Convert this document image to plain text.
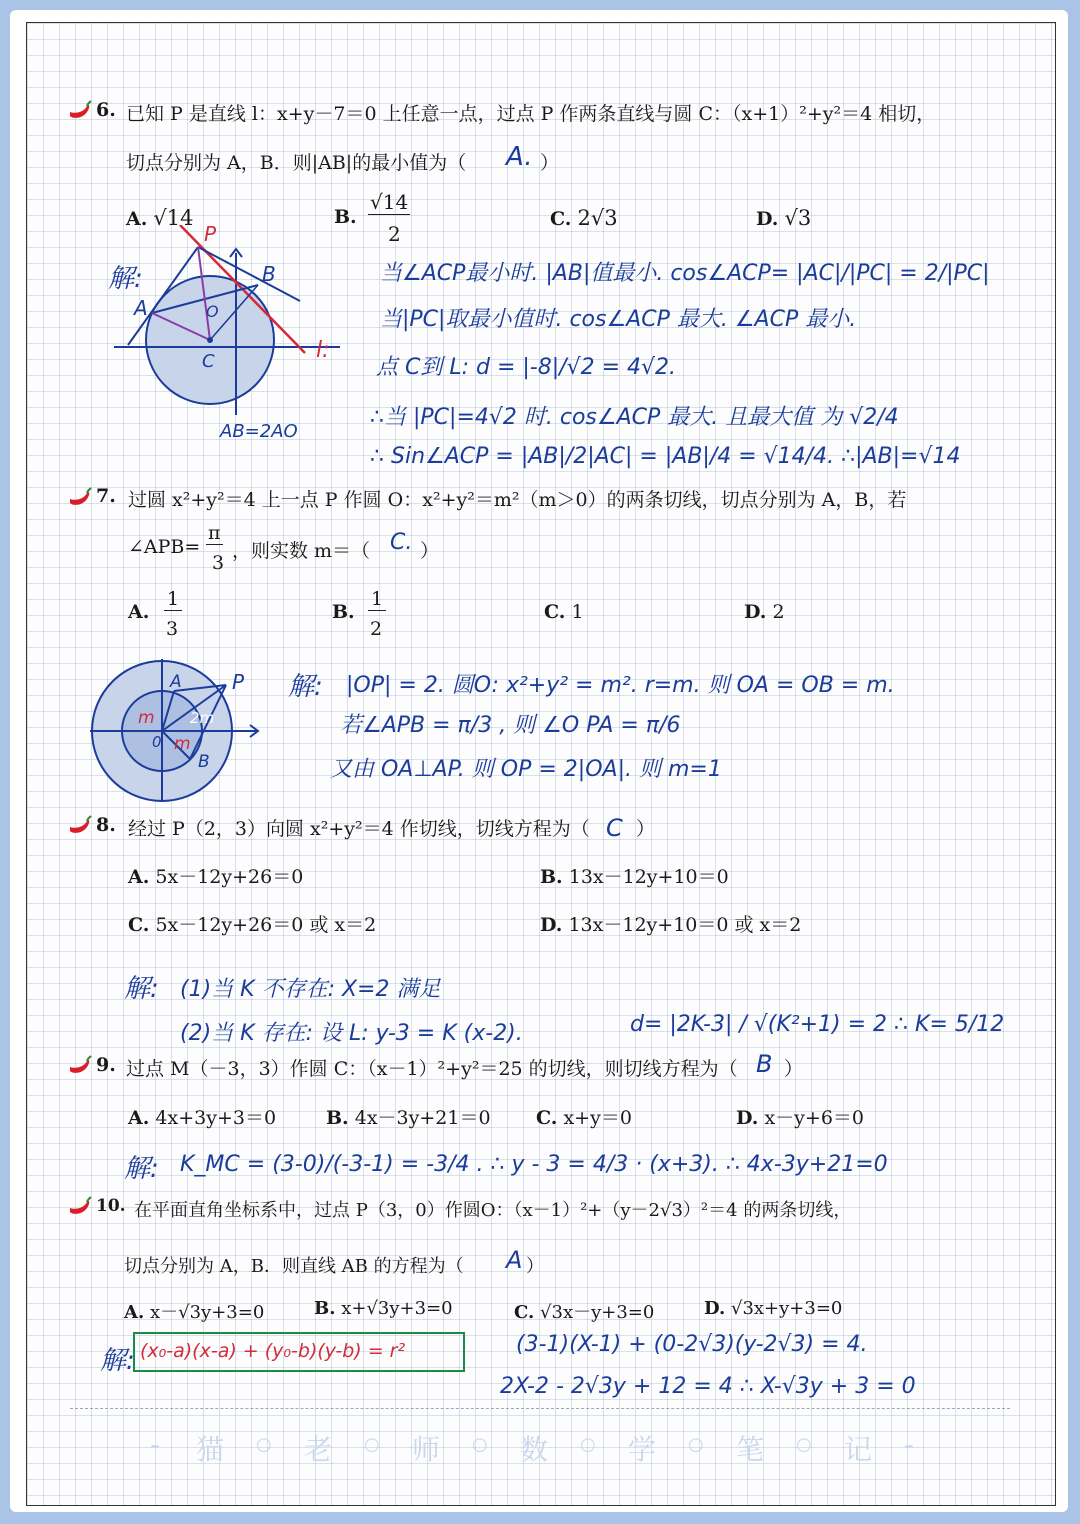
6. 已知 P 是直线 l：x+y－7＝0 上任意一点，过点 P 作两条直线与圆 C：（x+1）²+y²＝4 相切，
切点分别为 A，B．则|AB|的最小值为（ A. ）
A. √14	B.
√14
2
C. 2√3	D. √3
P
A
B
O
C	l:
AB=2AO
解:	当∠ACP最小时. |AB|值最小. cos∠ACP= |AC|/|PC| = 2/|PC|
当|PC|取最小值时. cos∠ACP 最大. ∠ACP 最小.
点 C到 L: d = |-8|/√2 = 4√2.
∴当 |PC|=4√2 时. cos∠ACP 最大. 且最大值 为 √2/4
∴ Sin∠ACP = |AB|/2|AC| = |AB|/4 = √14/4. ∴|AB|=√14
7. 过圆 x²+y²＝4 上一点 P 作圆 O：x²+y²＝m²（m＞0）的两条切线，切点分别为 A，B，若
∠APB=
π
3
，则实数 m＝（ C. ）
A.
1
3
B.
1
2
C. 1	D. 2
A
B
0
P
m
m
2m
解: |OP| = 2. 圆O: x²+y² = m². r=m. 则 OA = OB = m.
若∠APB = π/3 , 则 ∠O PA = π/6
又由 OA⊥AP. 则 OP = 2|OA|. 则 m=1
8. 经过 P（2，3）向圆 x²+y²＝4 作切线，切线方程为（ C ）
A. 5x－12y+26＝0	B. 13x－12y+10＝0
C. 5x－12y+26＝0 或 x＝2	D. 13x－12y+10＝0 或 x＝2
解: (1)当 K 不存在: X=2 满足
(2)当 K 存在: 设 L: y-3 = K (x-2).	d= |2K-3| / √(K²+1) = 2 ∴ K= 5/12
9. 过点 M（－3，3）作圆 C：（x－1）²+y²＝25 的切线，则切线方程为（ B ）
A. 4x+3y+3＝0	B. 4x－3y+21＝0 C. x+y＝0	D. x－y+6＝0
解: K_MC = (3-0)/(-3-1) = -3/4 . ∴ y - 3 = 4/3 · (x+3). ∴ 4x-3y+21=0
10. 在平面直角坐标系中，过点 P（3，0）作圆O：（x－1）²+（y－2√3）²＝4 的两条切线，
切点分别为 A，B．则直线 AB 的方程为（ A ）
A. x－√3y+3=0	B. x+√3y+3=0	C. √3x－y+3=0	D. √3x+y+3=0
解: (x₀-a)(x-a) + (y₀-b)(y-b) = r²	(3-1)(X-1) + (0-2√3)(y-2√3) = 4.
2X-2 - 2√3y + 12 = 4 ∴ X-√3y + 3 = 0
- 猫 ○ 老 ○ 师 ○ 数 ○ 学 ○ 笔 ○ 记 -
